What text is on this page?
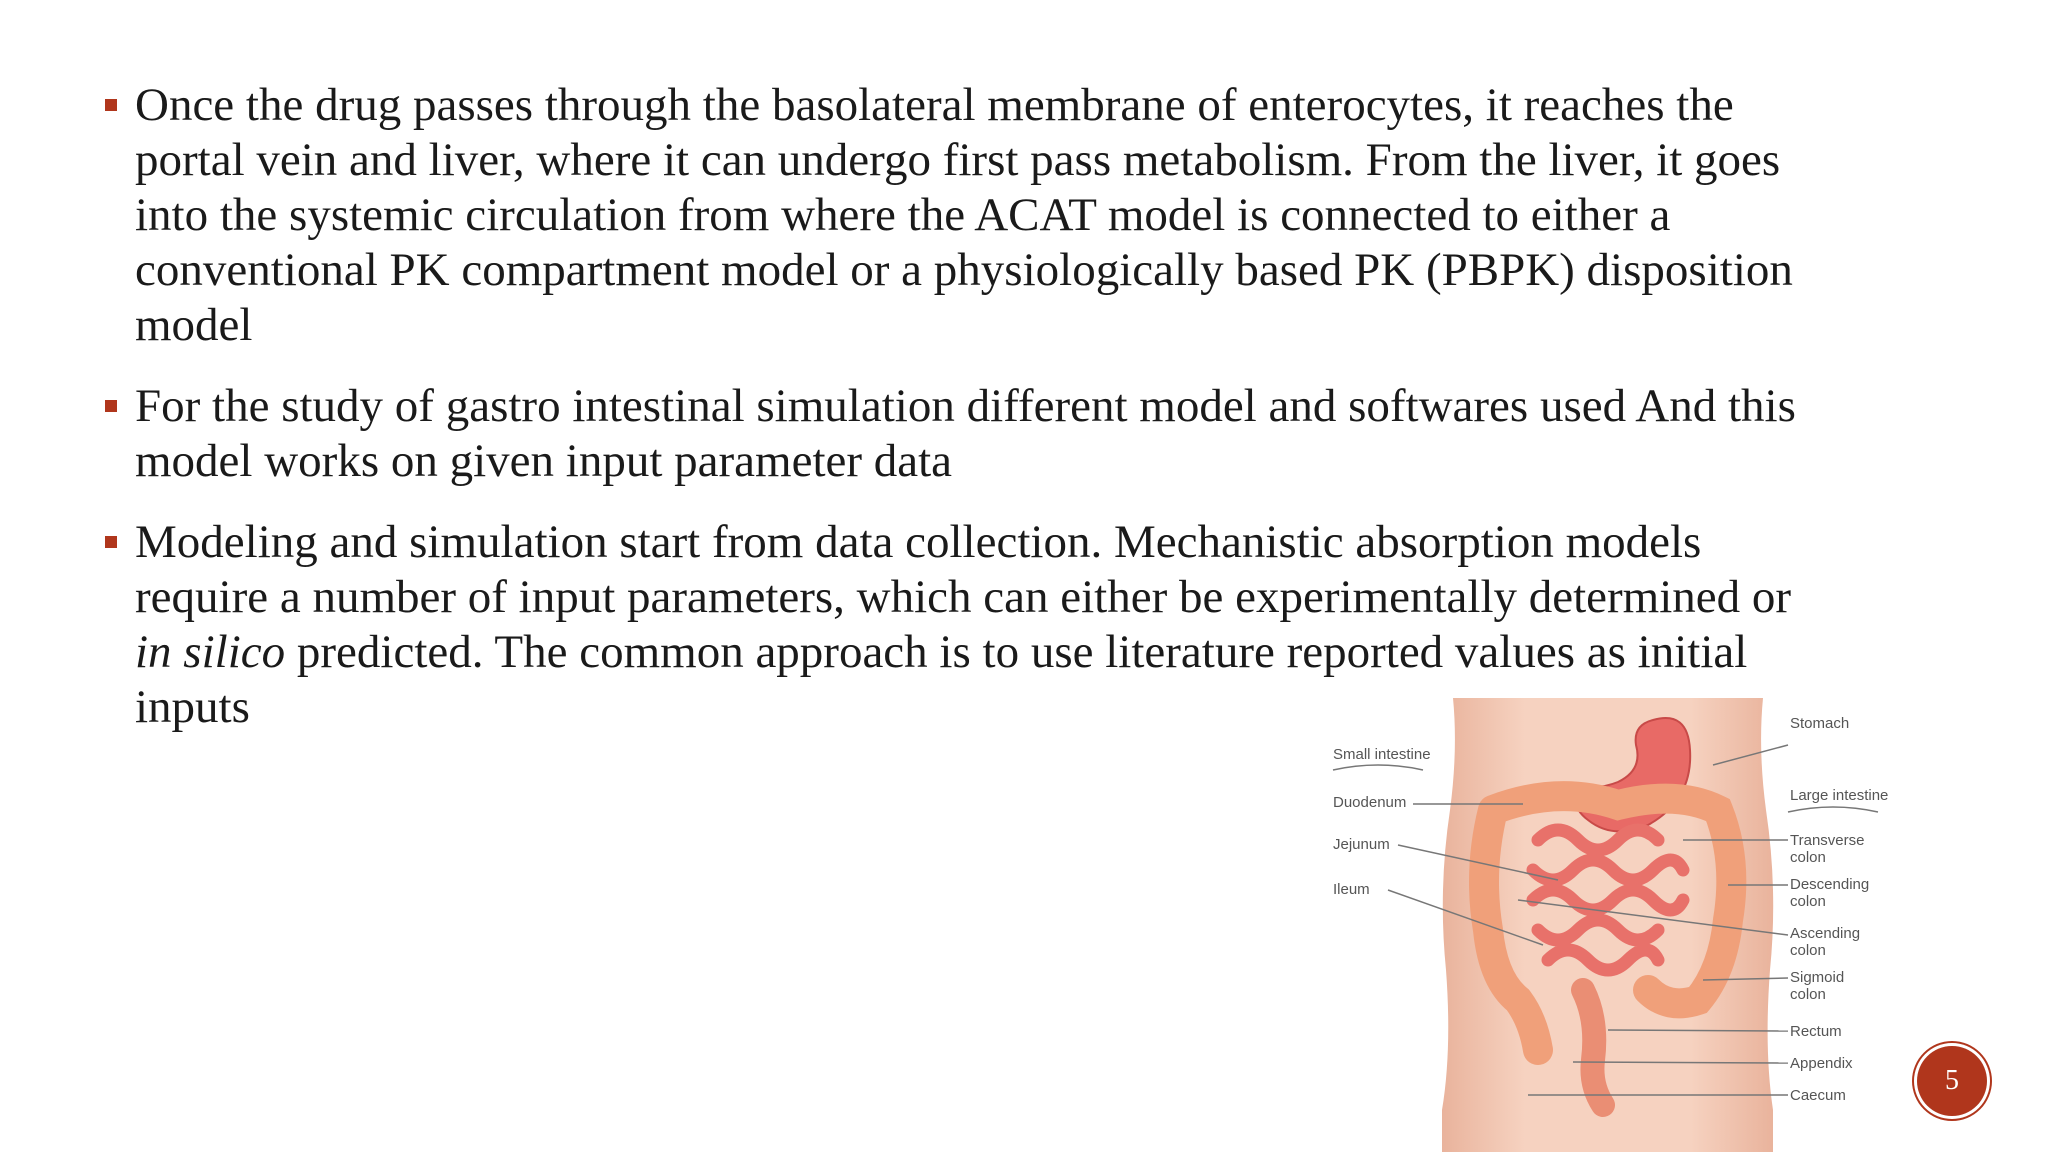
Once the drug passes through the basolateral membrane of enterocytes, it reaches the portal vein and liver, where it can undergo first pass metabolism. From the liver, it goes into the systemic circulation from where the ACAT model is connected to either a conventional PK compartment model or a physiologically based PK (PBPK) disposition model
For the study of gastro intestinal simulation different model and softwares used And this model works on given input parameter data
Modeling and simulation start from data collection. Mechanistic absorption models require a number of input parameters, which can either be experimentally determined or in silico predicted. The common approach is to use literature reported values as initial inputs
Small intestine
Duodenum
Jejunum
Ileum
Stomach
Large intestine
Transverse colon
Descending colon
Ascending colon
Sigmoid colon
Rectum
Appendix
Caecum	5
